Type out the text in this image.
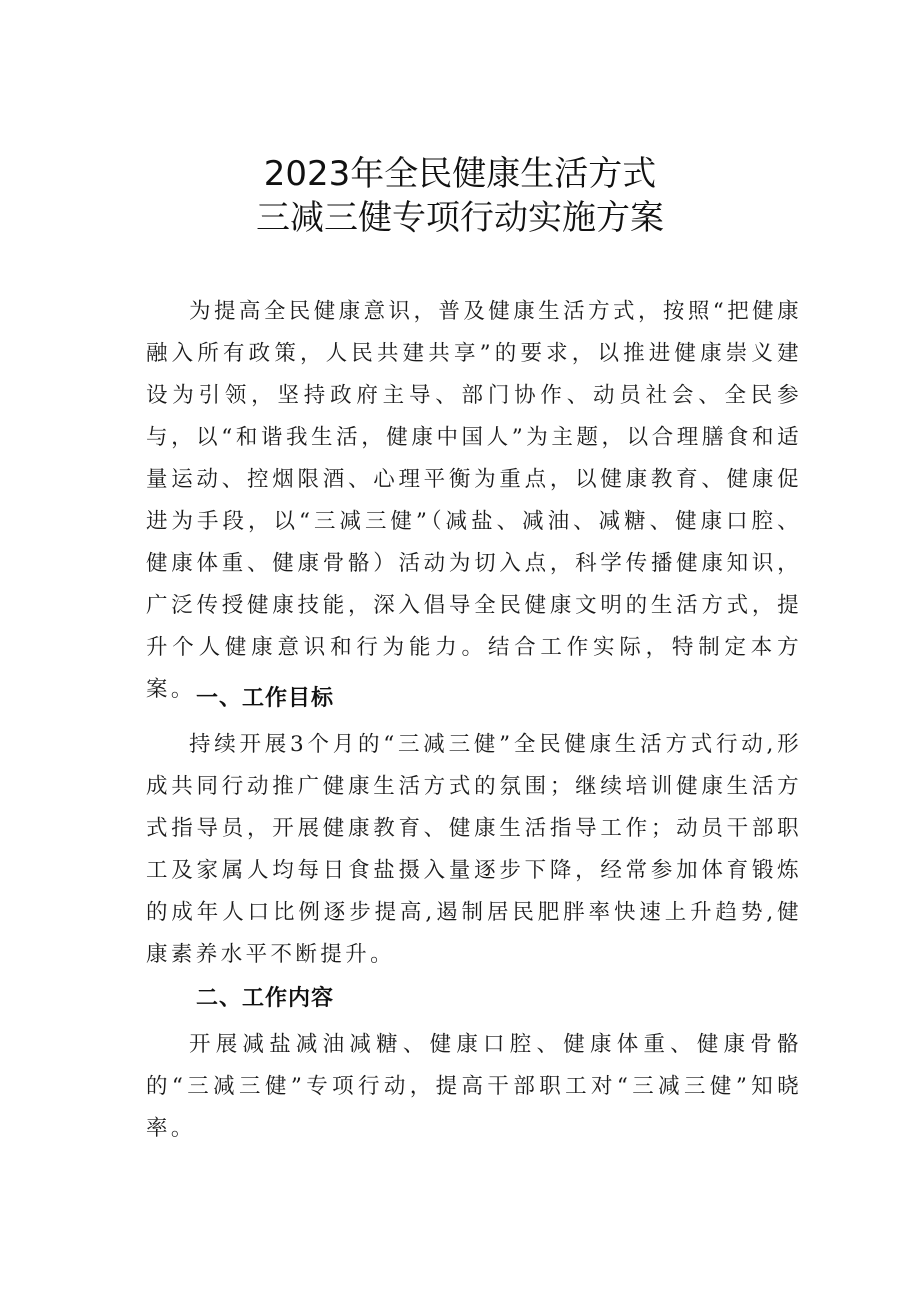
2023年全民健康生活方式
三减三健专项行动实施方案

为提高全民健康意识，普及健康生活方式，按照“把健康融入所有政策，人民共建共享”的要求，以推进健康崇义建设为引领，坚持政府主导、部门协作、动员社会、全民参与，以“和谐我生活，健康中国人”为主题，以合理膳食和适量运动、控烟限酒、心理平衡为重点，以健康教育、健康促进为手段，以“三减三健”（减盐、减油、减糖、健康口腔、健康体重、健康骨骼）活动为切入点，科学传播健康知识，广泛传授健康技能，深入倡导全民健康文明的生活方式，提升个人健康意识和行为能力。结合工作实际，特制定本方案。 一、工作目标

持续开展3个月的“三减三健”全民健康生活方式行动,形成共同行动推广健康生活方式的氛围；继续培训健康生活方式指导员，开展健康教育、健康生活指导工作；动员干部职工及家属人均每日食盐摄入量逐步下降，经常参加体育锻炼的成年人口比例逐步提高,遏制居民肥胖率快速上升趋势,健康素养水平不断提升。

二、工作内容

开展减盐减油减糖、健康口腔、健康体重、健康骨骼的“三减三健”专项行动，提高干部职工对“三减三健”知晓率。
